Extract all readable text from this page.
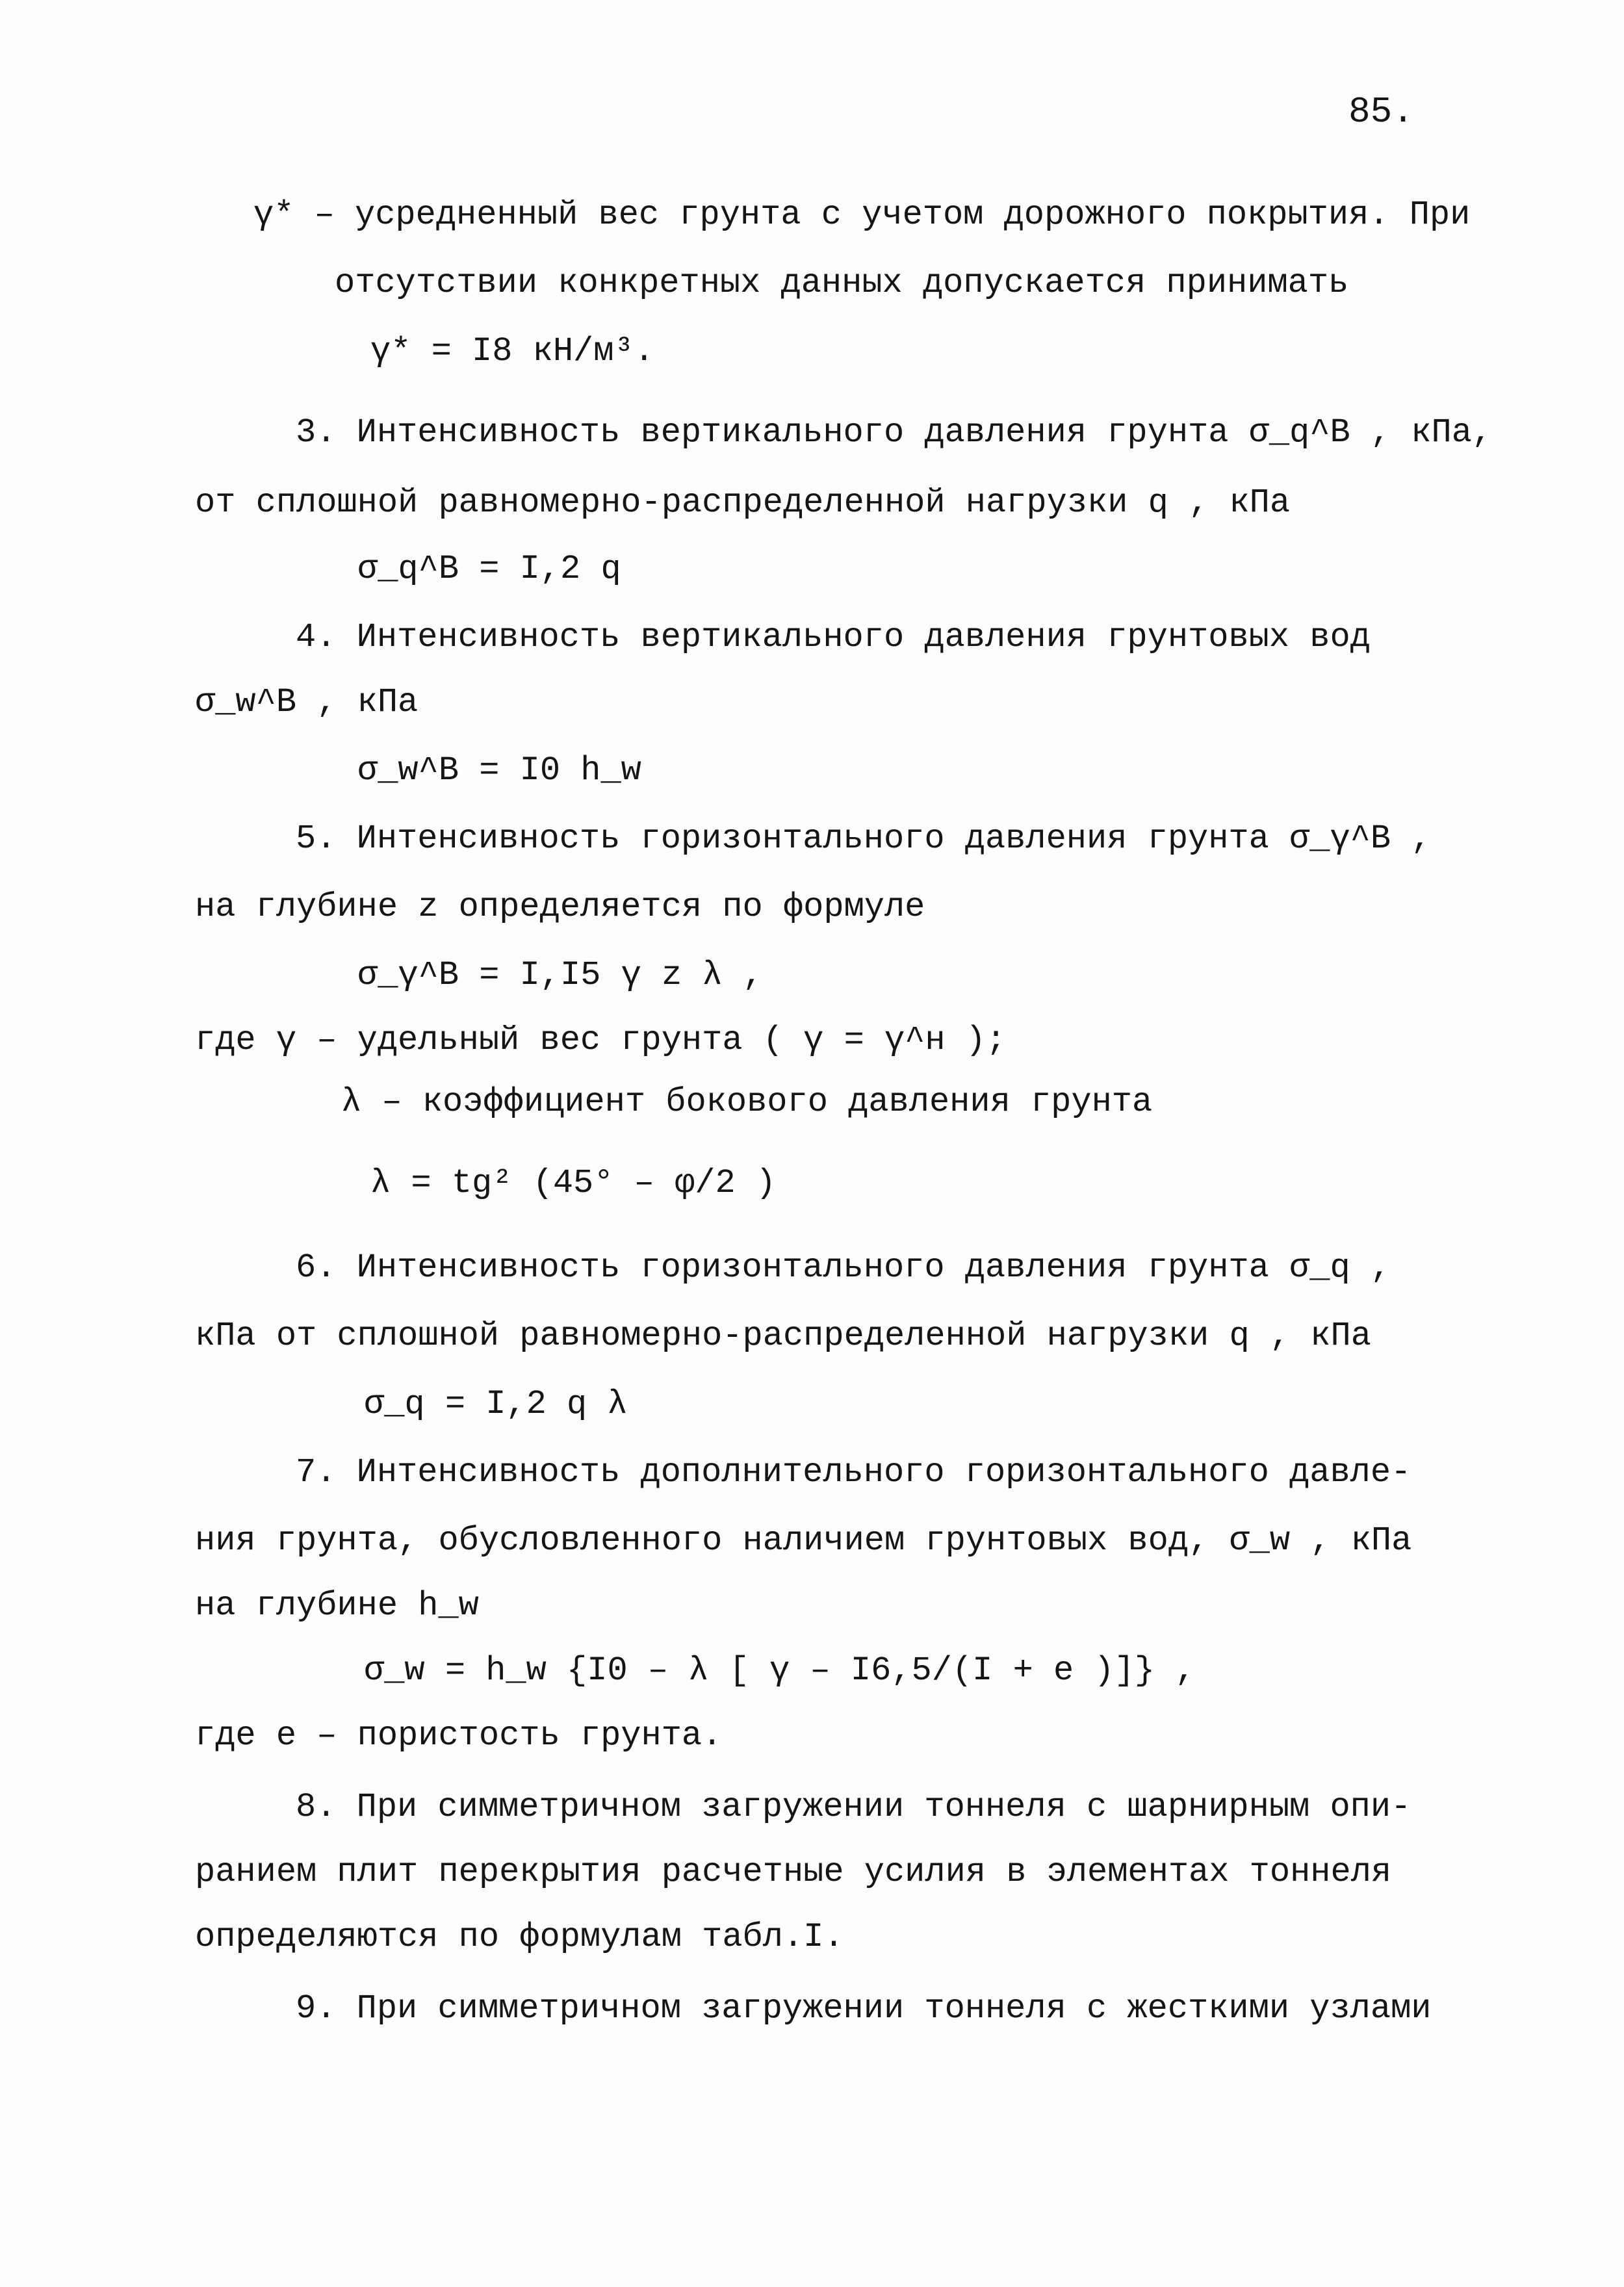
85.
γ* – усредненный вес грунта с учетом дорожного покрытия. При
отсутствии конкретных данных допускается принимать
γ* = I8 кН/м³.
3. Интенсивность вертикального давления грунта σ_q^B , кПа,
от сплошной равномерно-распределенной нагрузки q , кПа
σ_q^B = I,2 q
4. Интенсивность вертикального давления грунтовых вод
σ_w^B , кПа
σ_w^B = I0 h_w
5. Интенсивность горизонтального давления грунта σ_γ^B ,
на глубине z определяется по формуле
σ_γ^B = I,I5 γ z λ ,
где γ – удельный вес грунта ( γ = γ^н );
λ – коэффициент бокового давления грунта
λ = tg² (45° – φ/2 )
6. Интенсивность горизонтального давления грунта σ_q ,
кПа от сплошной равномерно-распределенной нагрузки q , кПа
σ_q = I,2 q λ
7. Интенсивность дополнительного горизонтального давле-
ния грунта, обусловленного наличием грунтовых вод, σ_w , кПа
на глубине h_w
σ_w = h_w {I0 – λ [ γ – I6,5/(I + e )]} ,
где e – пористость грунта.
8. При симметричном загружении тоннеля с шарнирным опи-
ранием плит перекрытия расчетные усилия в элементах тоннеля
определяются по формулам табл.I.
9. При симметричном загружении тоннеля с жесткими узлами
